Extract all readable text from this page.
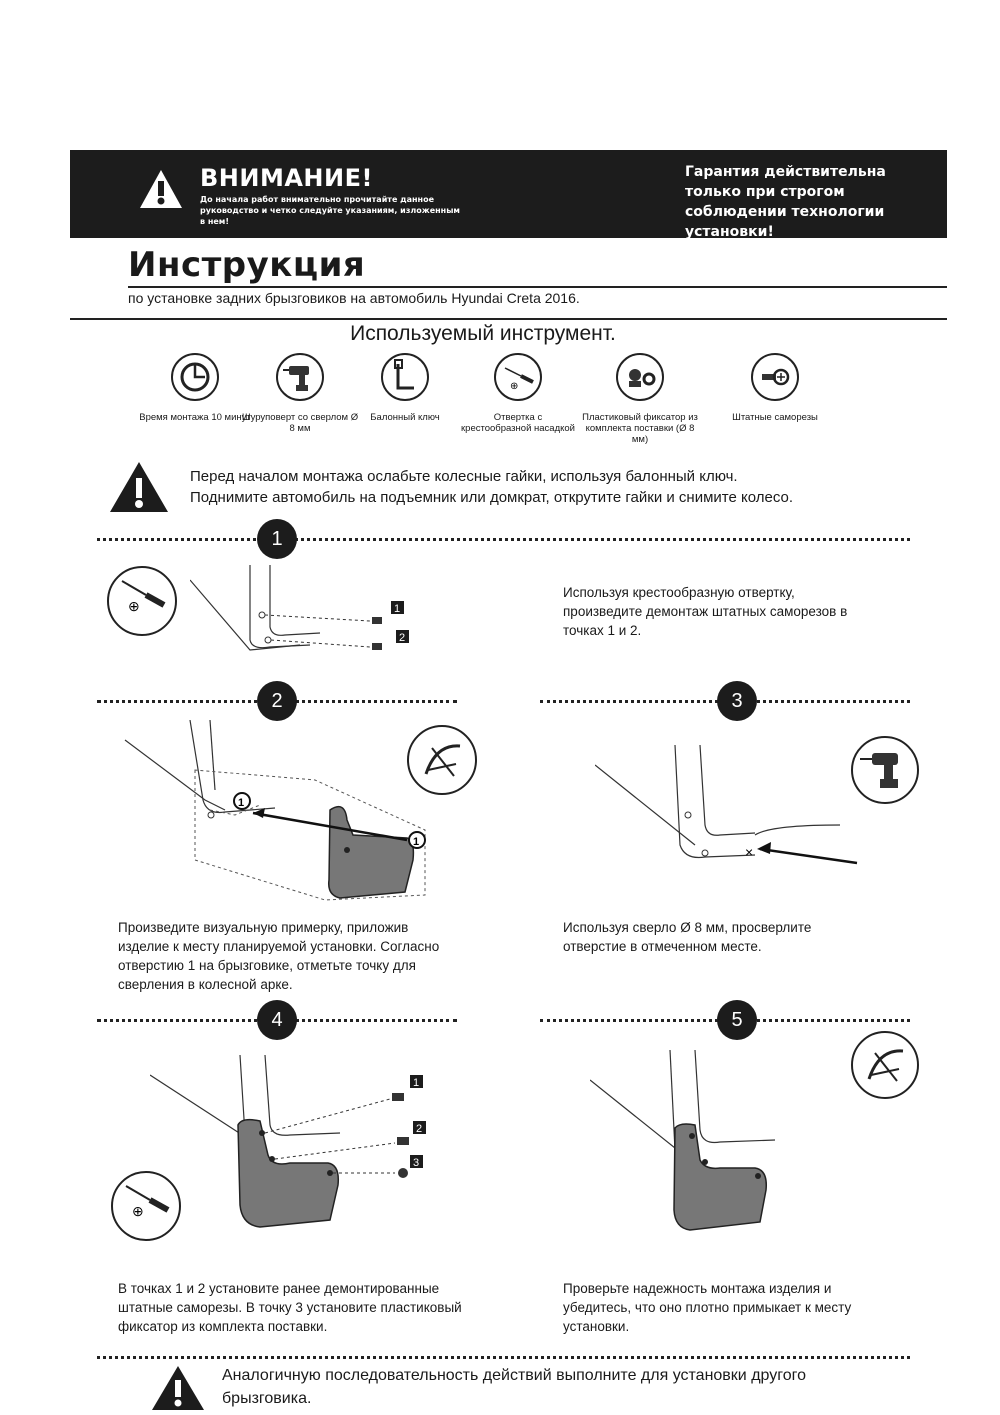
ВНИМАНИЕ!
До начала работ внимательно прочитайте данное руководство и четко следуйте указаниям, изложенным в нем!
Гарантия действительна только при строгом соблюдении технологии установки!
Инструкция
по установке задних брызговиков на автомобиль Hyundai Creta 2016.
Используемый инструмент.
Время монтажа 10 минут
Шуруповерт со сверлом Ø 8 мм
Балонный ключ
⊕
Отвертка с крестообразной насадкой
Пластиковый фиксатор из комплекта поставки (Ø 8 мм)
Штатные саморезы
Перед началом монтажа ослабьте колесные гайки, используя балонный ключ.
Поднимите автомобиль на подъемник или домкрат, открутите гайки и снимите колесо.
1
⊕	1
2
Используя крестообразную отвертку, произведите демонтаж штатных саморезов в точках 1 и 2.
2	3
1
1
×
Произведите визуальную примерку, приложив изделие к месту планируемой установки. Согласно отверстию 1 на брызговике, отметьте точку для сверления в колесной арке.
Используя сверло Ø 8 мм, просверлите отверстие в отмеченном месте.
4	5
1
2
3
⊕
В точках 1 и 2 установите ранее демонтированные штатные саморезы. В точку 3 установите пластиковый фиксатор из комплекта поставки.
Проверьте надежность монтажа изделия и убедитесь, что оно плотно примыкает к месту установки.
Аналогичную последовательность действий выполните для установки другого брызговика.
